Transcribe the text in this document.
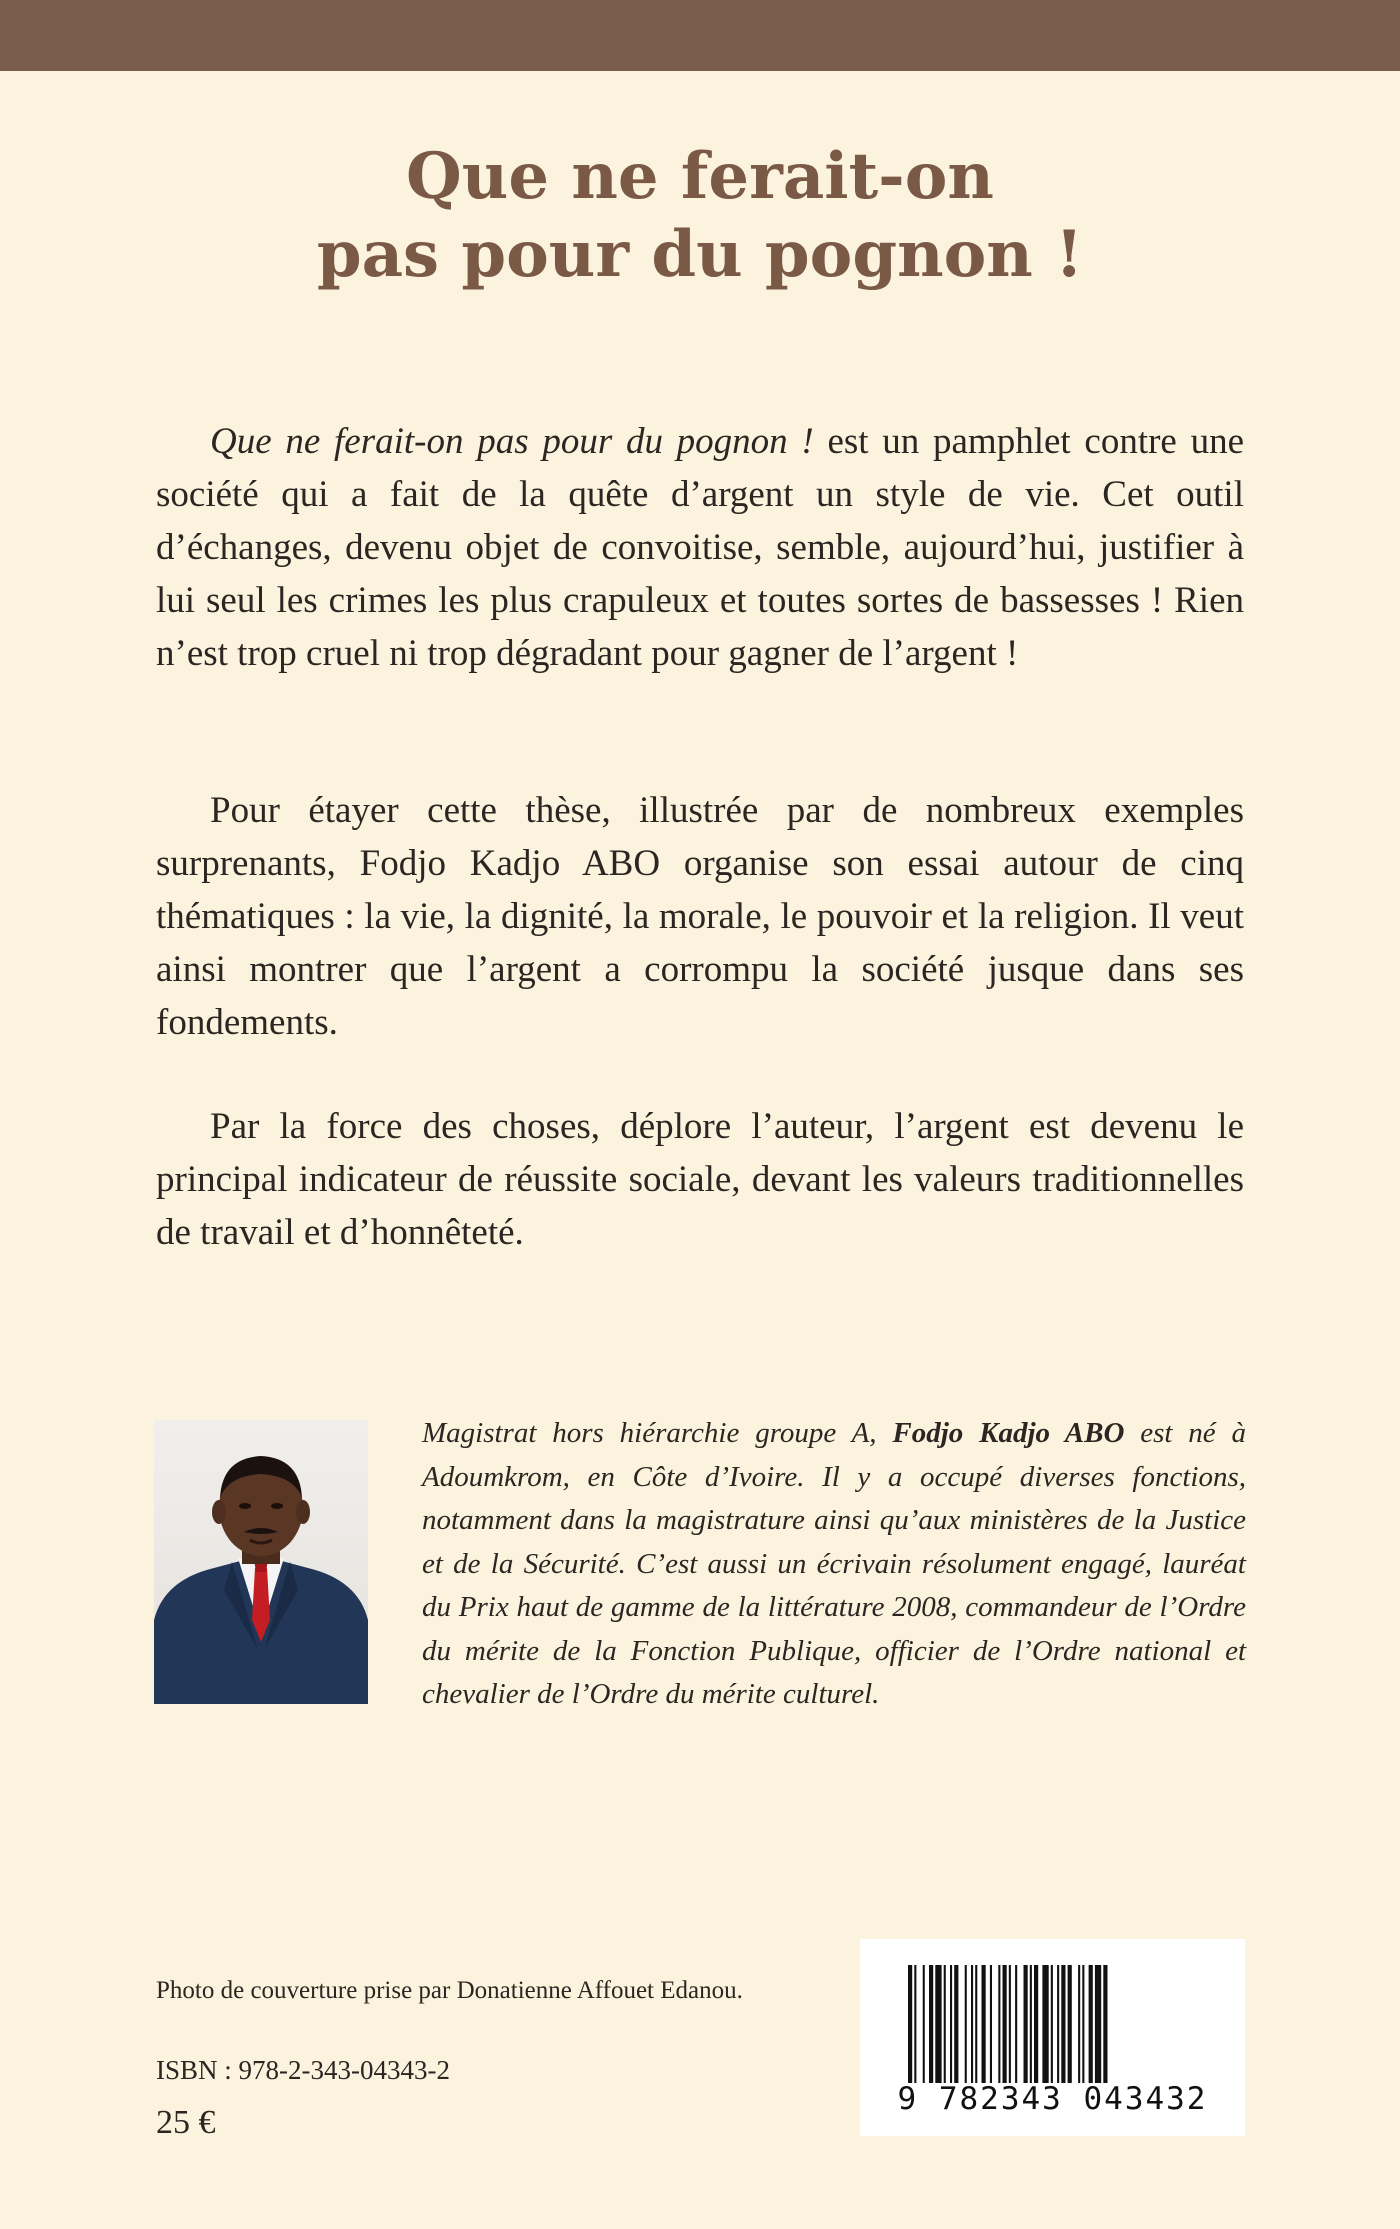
Que ne ferait-on
pas pour du pognon !

Que ne ferait-on pas pour du pognon ! est un pamphlet contre une société qui a fait de la quête d’argent un style de vie. Cet outil d’échanges, devenu objet de convoitise, semble, aujourd’hui, justifier à lui seul les crimes les plus crapuleux et toutes sortes de bassesses ! Rien n’est trop cruel ni trop dégradant pour gagner de l’argent !

Pour étayer cette thèse, illustrée par de nombreux exemples surprenants, Fodjo Kadjo ABO organise son essai autour de cinq thématiques : la vie, la dignité, la morale, le pouvoir et la religion. Il veut ainsi montrer que l’argent a corrompu la société jusque dans ses fondements.

Par la force des choses, déplore l’auteur, l’argent est devenu le principal indicateur de réussite sociale, devant les valeurs traditionnelles de travail et d’honnêteté.

Magistrat hors hiérarchie groupe A, Fodjo Kadjo ABO est né à Adoumkrom, en Côte d’Ivoire. Il y a occupé diverses fonctions, notamment dans la magistrature ainsi qu’aux ministères de la Justice et de la Sécurité. C’est aussi un écrivain résolument engagé, lauréat du Prix haut de gamme de la littérature 2008, commandeur de l’Ordre du mérite de la Fonction Publique, officier de l’Ordre national et chevalier de l’Ordre du mérite culturel.

Photo de couverture prise par Donatienne Affouet Edanou.
ISBN : 978-2-343-04343-2
25 €
9 782343 043432
